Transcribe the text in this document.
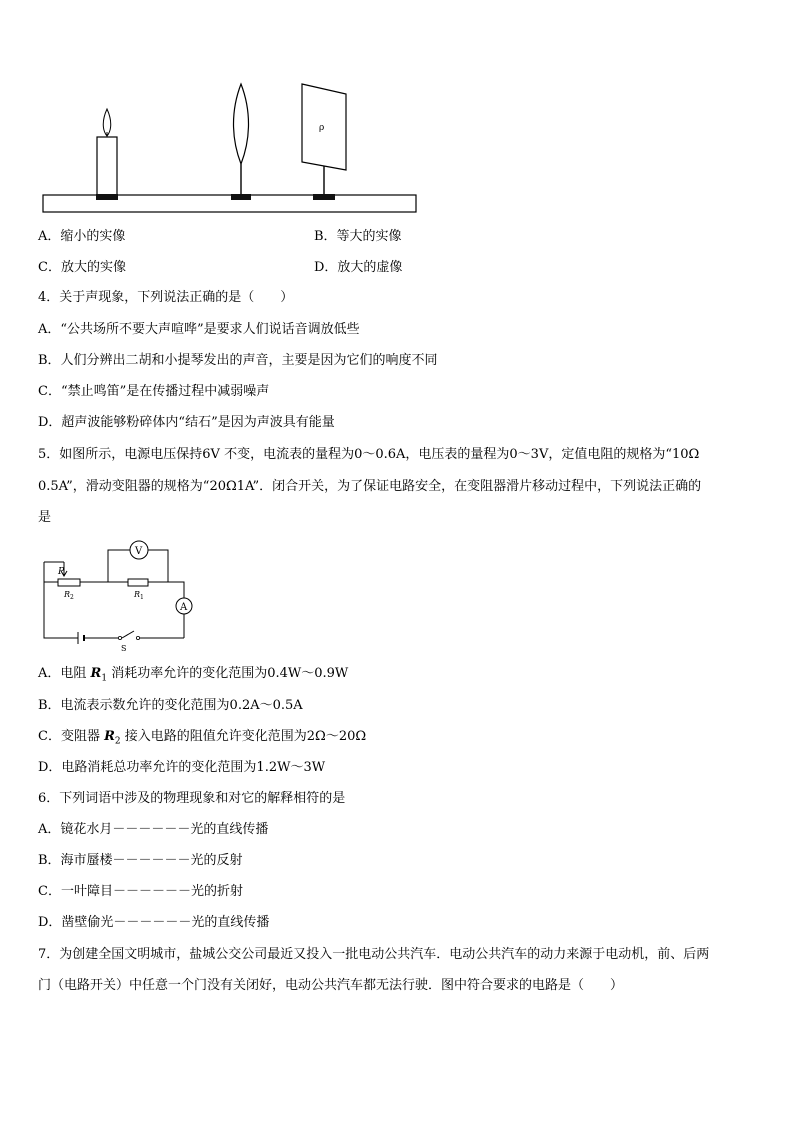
ρ
A．缩小的实像	B．等大的实像
C．放大的实像	D．放大的虚像
4．关于声现象，下列说法正确的是（　　）
A．“公共场所不要大声喧哗”是要求人们说话音调放低些
B．人们分辨出二胡和小提琴发出的声音，主要是因为它们的响度不同
C．“禁止鸣笛”是在传播过程中减弱噪声
D．超声波能够粉碎体内“结石”是因为声波具有能量
5．如图所示，电源电压保持6V 不变，电流表的量程为0～0.6A，电压表的量程为0～3V，定值电阻的规格为“10Ω
0.5A”，滑动变阻器的规格为“20Ω1A”．闭合开关，为了保证电路安全，在变阻器滑片移动过程中，下列说法正确的
是
V
A
P
R 2	R 1
S
A．电阻 $R_1$ 消耗功率允许的变化范围为0.4W～0.9W
B．电流表示数允许的变化范围为0.2A～0.5A
C．变阻器 $R_2$ 接入电路的阻值允许变化范围为2Ω～20Ω
D．电路消耗总功率允许的变化范围为1.2W～3W
6．下列词语中涉及的物理现象和对它的解释相符的是
A．镜花水月－－－－－－光的直线传播
B．海市蜃楼－－－－－－光的反射
C．一叶障目－－－－－－光的折射
D．凿壁偷光－－－－－－光的直线传播
7．为创建全国文明城市，盐城公交公司最近又投入一批电动公共汽车．电动公共汽车的动力来源于电动机，前、后两
门（电路开关）中任意一个门没有关闭好，电动公共汽车都无法行驶．图中符合要求的电路是（　　）
